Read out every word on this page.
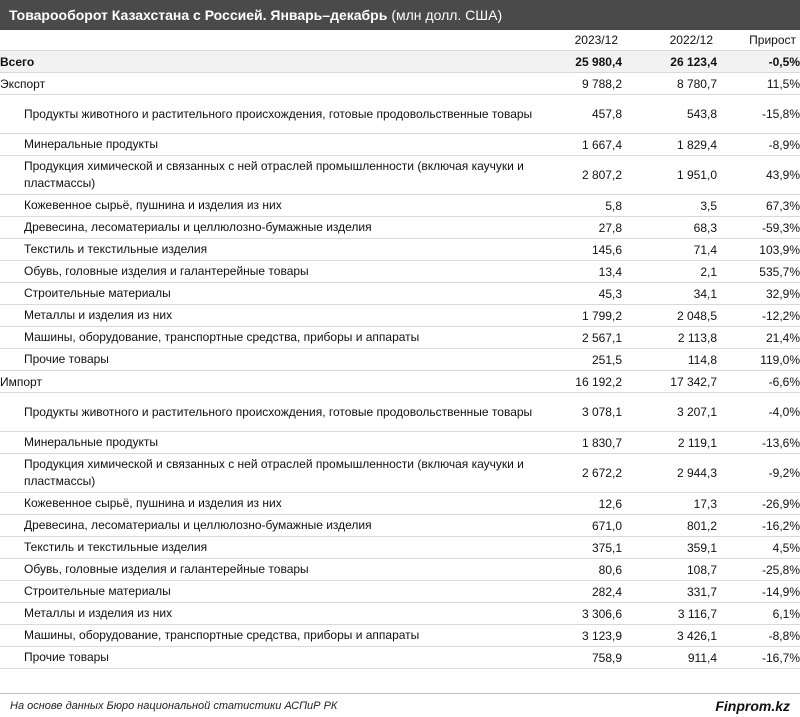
Товарооборот Казахстана с Россией. Январь–декабрь (млн долл. США)
	2023/12	2022/12	Прирост
Всего	25 980,4	26 123,4	-0,5%
Экспорт	9 788,2	8 780,7	11,5%
Продукты животного и растительного происхождения, готовые продовольственные товары	457,8	543,8	-15,8%
Минеральные продукты	1 667,4	1 829,4	-8,9%
Продукция химической и связанных с ней отраслей промышленности (включая каучуки и пластмассы)	2 807,2	1 951,0	43,9%
Кожевенное сырьё, пушнина и изделия из них	5,8	3,5	67,3%
Древесина, лесоматериалы и целлюлозно-бумажные изделия	27,8	68,3	-59,3%
Текстиль и текстильные изделия	145,6	71,4	103,9%
Обувь, головные изделия и галантерейные товары	13,4	2,1	535,7%
Строительные материалы	45,3	34,1	32,9%
Металлы и изделия из них	1 799,2	2 048,5	-12,2%
Машины, оборудование, транспортные средства, приборы и аппараты	2 567,1	2 113,8	21,4%
Прочие товары	251,5	114,8	119,0%
Импорт	16 192,2	17 342,7	-6,6%
Продукты животного и растительного происхождения, готовые продовольственные товары	3 078,1	3 207,1	-4,0%
Минеральные продукты	1 830,7	2 119,1	-13,6%
Продукция химической и связанных с ней отраслей промышленности (включая каучуки и пластмассы)	2 672,2	2 944,3	-9,2%
Кожевенное сырьё, пушнина и изделия из них	12,6	17,3	-26,9%
Древесина, лесоматериалы и целлюлозно-бумажные изделия	671,0	801,2	-16,2%
Текстиль и текстильные изделия	375,1	359,1	4,5%
Обувь, головные изделия и галантерейные товары	80,6	108,7	-25,8%
Строительные материалы	282,4	331,7	-14,9%
Металлы и изделия из них	3 306,6	3 116,7	6,1%
Машины, оборудование, транспортные средства, приборы и аппараты	3 123,9	3 426,1	-8,8%
Прочие товары	758,9	911,4	-16,7%
На основе данных Бюро национальной статистики АСПиР РК	Finprom.kz
